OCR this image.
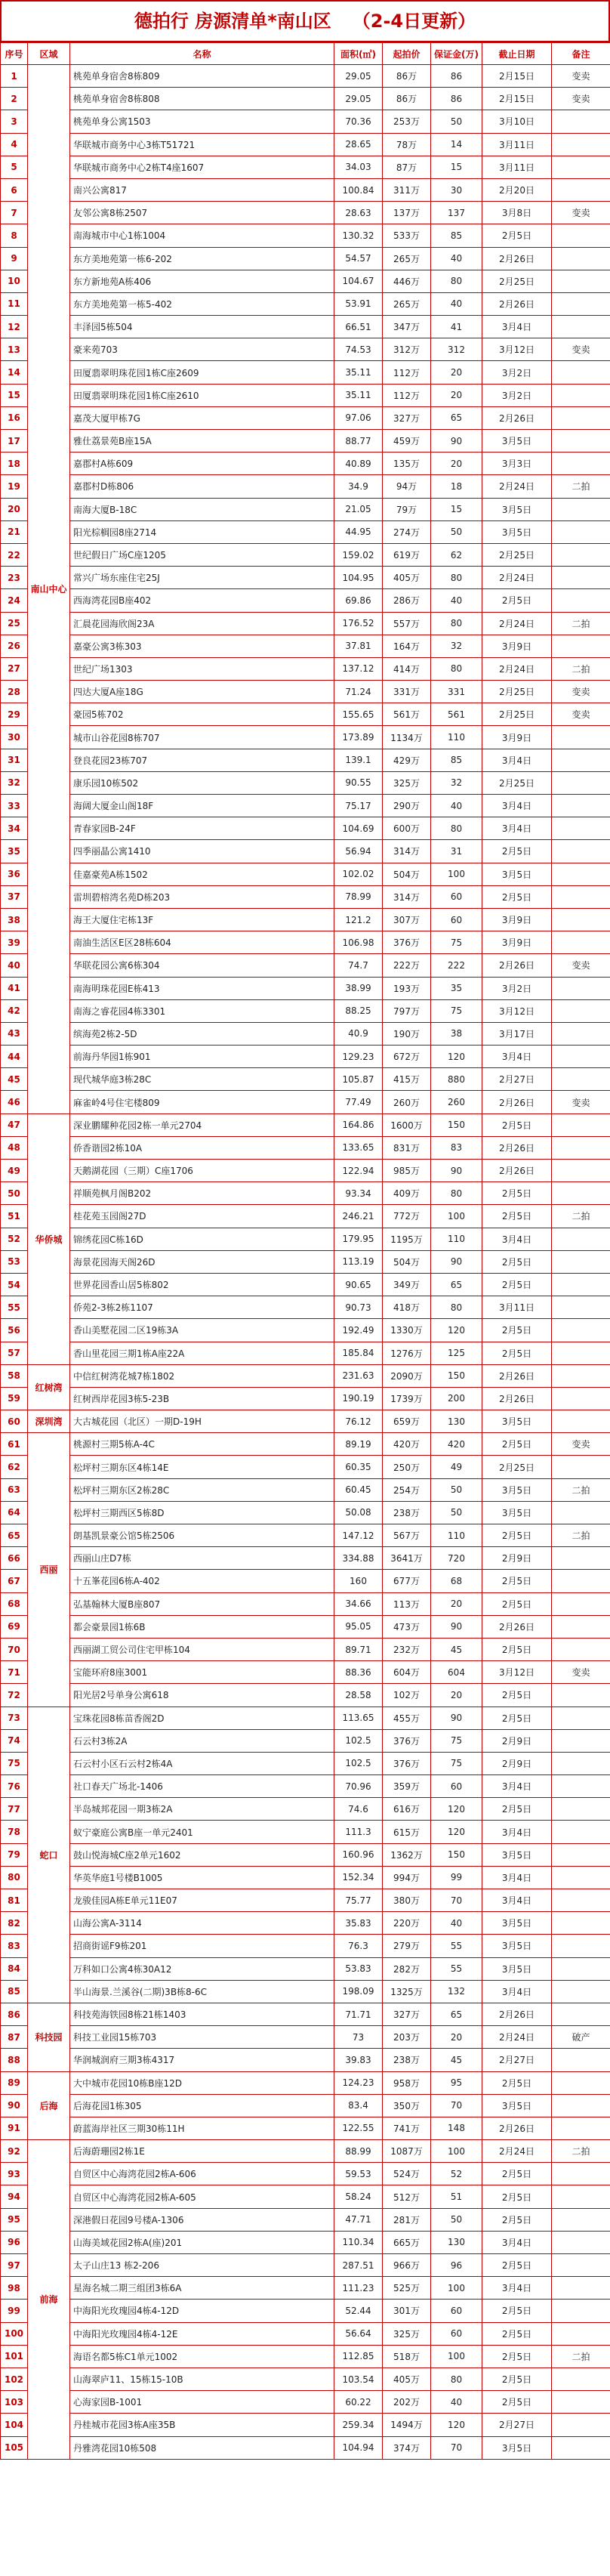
德拍行 房源清单*南山区 （2-4日更新）
序号	区域	名称	面积(㎡)	起拍价	保证金(万)	截止日期	备注
1	南山中心	桃苑单身宿舍8栋809	29.05	86万	86	2月15日	变卖
2		桃苑单身宿舍8栋808	29.05	86万	86	2月15日	变卖
3		桃苑单身公寓1503	70.36	253万	50	3月10日	
4		华联城市商务中心3栋T51721	28.65	78万	14	3月11日	
5		华联城市商务中心2栋T4座1607	34.03	87万	15	3月11日	
6		南兴公寓817	100.84	311万	30	2月20日	
7		友邻公寓8栋2507	28.63	137万	137	3月8日	变卖
8		南海城市中心1栋1004	130.32	533万	85	2月5日	
9		东方美地苑第一栋6-202	54.57	265万	40	2月26日	
10		东方新地苑A栋406	104.67	446万	80	2月25日	
11		东方美地苑第一栋5-402	53.91	265万	40	2月26日	
12		丰泽园5栋504	66.51	347万	41	3月4日	
13		豪来苑703	74.53	312万	312	3月12日	变卖
14		田厦翡翠明珠花园1栋C座2609	35.11	112万	20	3月2日	
15		田厦翡翠明珠花园1栋C座2610	35.11	112万	20	3月2日	
16		嘉茂大厦甲栋7G	97.06	327万	65	2月26日	
17		雅仕荔景苑B座15A	88.77	459万	90	3月5日	
18		嘉郡村A栋609	40.89	135万	20	3月3日	
19		嘉郡村D栋806	34.9	94万	18	2月24日	二拍
20		南海大厦B-18C	21.05	79万	15	3月5日	
21		阳光棕榈园8座2714	44.95	274万	50	3月5日	
22		世纪假日广场C座1205	159.02	619万	62	2月25日	
23		常兴广场东座住宅25J	104.95	405万	80	2月24日	
24		西海湾花园B座402	69.86	286万	40	2月5日	
25		汇晨花园海欣阁23A	176.52	557万	80	2月24日	二拍
26		嘉豪公寓3栋303	37.81	164万	32	3月9日	
27		世纪广场1303	137.12	414万	80	2月24日	二拍
28		四达大厦A座18G	71.24	331万	331	2月25日	变卖
29		豪园5栋702	155.65	561万	561	2月25日	变卖
30		城市山谷花园8栋707	173.89	1134万	110	3月9日	
31		登良花园23栋707	139.1	429万	85	3月4日	
32		康乐园10栋502	90.55	325万	32	2月25日	
33		海阔大厦金山阁18F	75.17	290万	40	3月4日	
34		青春家园B-24F	104.69	600万	80	3月4日	
35		四季丽晶公寓1410	56.94	314万	31	2月5日	
36		佳嘉豪苑A栋1502	102.02	504万	100	3月5日	
37		雷圳碧榕湾名苑D栋203	78.99	314万	60	2月5日	
38		海王大厦住宅栋13F	121.2	307万	60	3月9日	
39		南油生活区E区28栋604	106.98	376万	75	3月9日	
40		华联花园公寓6栋304	74.7	222万	222	2月26日	变卖
41		南海明珠花园E栋413	38.99	193万	35	3月2日	
42		南海之睿花园4栋3301	88.25	797万	75	3月12日	
43		缤海苑2栋2-5D	40.9	190万	38	3月17日	
44		前海丹华园1栋901	129.23	672万	120	3月4日	
45		现代城华庭3栋28C	105.87	415万	880	2月27日	
46		麻雀岭4号住宅楼809	77.49	260万	260	2月26日	变卖
47	华侨城	深业鹏耀种花园2栋一单元2704	164.86	1600万	150	2月5日	
48		侨香谐园2栋10A	133.65	831万	83	2月26日	
49		天鹅湖花园（三期）C座1706	122.94	985万	90	2月26日	
50		祥顺苑枫月阁B202	93.34	409万	80	2月5日	
51		桂花苑玉园阁27D	246.21	772万	100	2月5日	二拍
52		锦绣花园C栋16D	179.95	1195万	110	3月4日	
53		海景花园海天阁26D	113.19	504万	90	2月5日	
54		世界花园香山居5栋802	90.65	349万	65	2月5日	
55		侨苑2-3栋2栋1107	90.73	418万	80	3月11日	
56		香山美墅花园二区19栋3A	192.49	1330万	120	2月5日	
57		香山里花园三期1栋A座22A	185.84	1276万	125	2月5日	
58	红树湾	中信红树湾花城7栋1802	231.63	2090万	150	2月26日	
59		红树西岸花园3栋5-23B	190.19	1739万	200	2月26日	
60	深圳湾	大古城花园（北区）一期D-19H	76.12	659万	130	3月5日	
61	西丽	桃源村三期5栋A-4C	89.19	420万	420	2月5日	变卖
62		松坪村三期东区4栋14E	60.35	250万	49	2月25日	
63		松坪村三期东区2栋28C	60.45	254万	50	3月5日	二拍
64		松坪村三期西区5栋8D	50.08	238万	50	3月5日	
65		朗基凯景豪公馆5栋2506	147.12	567万	110	2月5日	二拍
66		西丽山庄D7栋	334.88	3641万	720	2月9日	
67		十五峯花园6栋A-402	160	677万	68	2月5日	
68		弘基翰林大厦B座807	34.66	113万	20	2月5日	
69		都会豪景园1栋6B	95.05	473万	90	2月26日	
70		西丽湖工贸公司住宅甲栋104	89.71	232万	45	2月5日	
71		宝能环府8座3001	88.36	604万	604	3月12日	变卖
72		阳光居2号单身公寓618	28.58	102万	20	2月5日	
73	蛇口	宝珠花园8栋苗香阁2D	113.65	455万	90	2月5日	
74		石云村3栋2A	102.5	376万	75	2月9日	
75		石云村小区石云村2栋4A	102.5	376万	75	2月9日	
76		社口春天广场北-1406	70.96	359万	60	3月4日	
77		半岛城邦花园一期3栋2A	74.6	616万	120	2月5日	
78		蚁宁豪庭公寓B座一单元2401	111.3	615万	120	3月4日	
79		鼓山悦海城C座2单元1602	160.96	1362万	150	3月5日	
80		华英华庭1号楼B1005	152.34	994万	99	3月4日	
81		龙骏佳园A栋E单元11E07	75.77	380万	70	3月4日	
82		山海公寓A-3114	35.83	220万	40	3月5日	
83		招商街谣F9栋201	76.3	279万	55	3月5日	
84		万科如口公寓4栋30A12	53.83	282万	55	3月5日	
85		半山海景.兰溪谷(二期)3B栋8-6C	198.09	1325万	132	3月4日	
86	科技园	科技苑海铁园8栋21栋1403	71.71	327万	65	2月26日	
87		科技工业园15栋703	73	203万	20	2月24日	破产
88		华润城润府三期3栋4317	39.83	238万	45	2月27日	
89	后海	大中城市花园10栋B座12D	124.23	958万	95	2月5日	
90		后海花园1栋305	83.4	350万	70	3月5日	
91		蔚蓝海岸社区三期30栋11H	122.55	741万	148	2月26日	
92	前海	后海蔚珊园2栋1E	88.99	1087万	100	2月24日	二拍
93		自贸区中心海湾花园2栋A-606	59.53	524万	52	2月5日	
94		自贸区中心海湾花园2栋A-605	58.24	512万	51	2月5日	
95		深港假日花园9号楼A-1306	47.71	281万	50	2月5日	
96		山海美域花园2栋A(座)201	110.34	665万	130	3月4日	
97		太子山庄13 栋2-206	287.51	966万	96	2月5日	
98		星海名城二期三组团3栋6A	111.23	525万	100	3月4日	
99		中海阳光玫瑰园4栋4-12D	52.44	301万	60	2月5日	
100		中海阳光玫瑰园4栋4-12E	56.64	325万	60	2月5日	
101		海语名都5栋C1单元1002	112.85	518万	100	2月5日	二拍
102		山海翠庐11、15栋15-10B	103.54	405万	80	2月5日	
103		心海家园B-1001	60.22	202万	40	2月5日	
104		丹桂城市花园3栋A座35B	259.34	1494万	120	2月27日	
105		丹雅湾花园10栋508	104.94	374万	70	3月5日	
